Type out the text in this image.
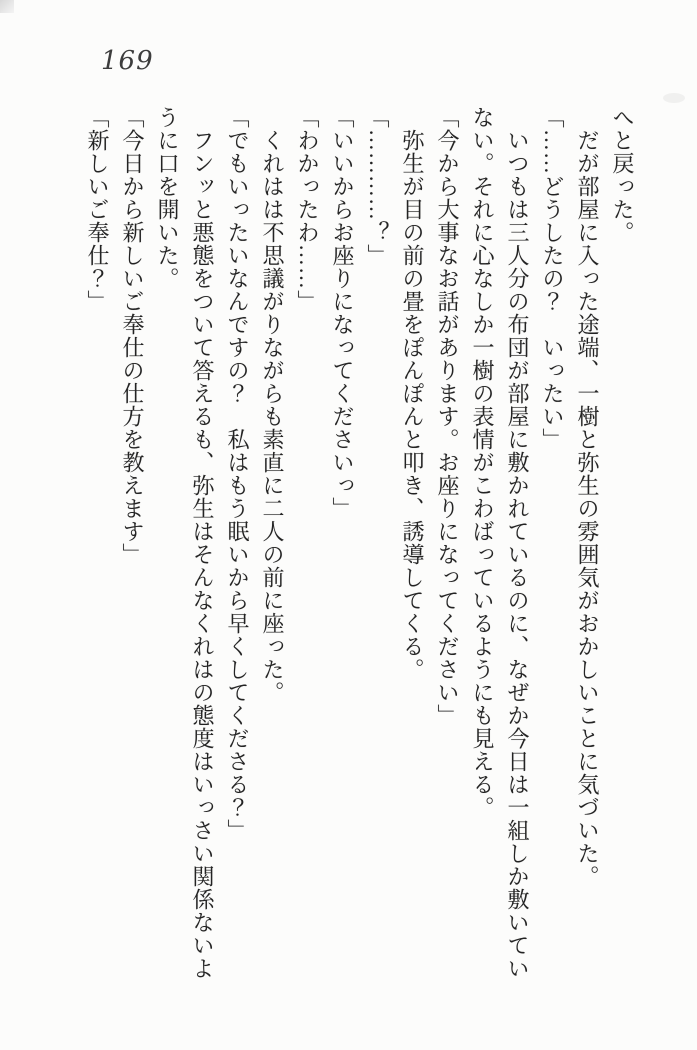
169

へと戻った。

　だが部屋に入った途端、一樹と弥生の雰囲気がおかしいことに気づいた。

「……どうしたの？　いったい」

　いつもは三人分の布団が部屋に敷かれているのに、なぜか今日は一組しか敷いていない。それに心なしか一樹の表情がこわばっているようにも見える。

「今から大事なお話があります。お座りになってください」

　弥生が目の前の畳をぽんぽんと叩き、誘導してくる。

「…………？」

「いいからお座りになってくださいっ」

「わかったわ……」

　くれはは不思議がりながらも素直に二人の前に座った。

「でもいったいなんですの？　私はもう眠いから早くしてくださる？」

　フンッと悪態をついて答えるも、弥生はそんなくれはの態度はいっさい関係ないように口を開いた。

「今日から新しいご奉仕の仕方を教えます」

「新しいご奉仕？」
